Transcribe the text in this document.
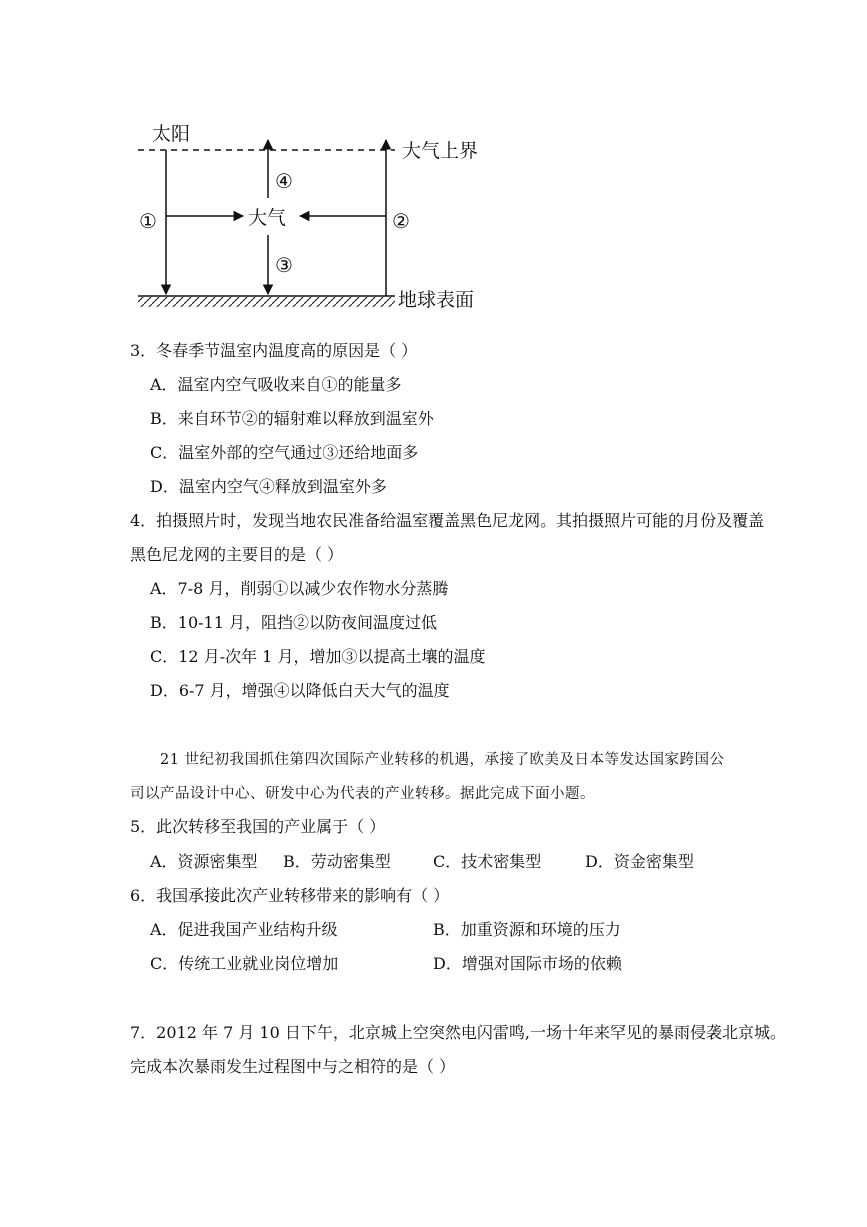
太阳
大气上界
地球表面
①	大气
④
③
②
3．冬春季节温室内温度高的原因是（ ）
A．温室内空气吸收来自①的能量多
B．来自环节②的辐射难以释放到温室外
C．温室外部的空气通过③还给地面多
D．温室内空气④释放到温室外多
4．拍摄照片时，发现当地农民准备给温室覆盖黑色尼龙网。其拍摄照片可能的月份及覆盖
黑色尼龙网的主要目的是（ ）
A．7-8 月，削弱①以减少农作物水分蒸腾
B．10-11 月，阻挡②以防夜间温度过低
C．12 月-次年 1 月，增加③以提高土壤的温度
D．6-7 月，增强④以降低白天大气的温度
21 世纪初我国抓住第四次国际产业转移的机遇，承接了欧美及日本等发达国家跨国公
司以产品设计中心、研发中心为代表的产业转移。据此完成下面小题。
5．此次转移至我国的产业属于（ ）
A．资源密集型 B．劳动密集型	C．技术密集型	D．资金密集型
6．我国承接此次产业转移带来的影响有（ ）
A．促进我国产业结构升级	B．加重资源和环境的压力
C．传统工业就业岗位增加	D．增强对国际市场的依赖
7．2012 年 7 月 10 日下午，北京城上空突然电闪雷鸣,一场十年来罕见的暴雨侵袭北京城。
完成本次暴雨发生过程图中与之相符的是（ ）
